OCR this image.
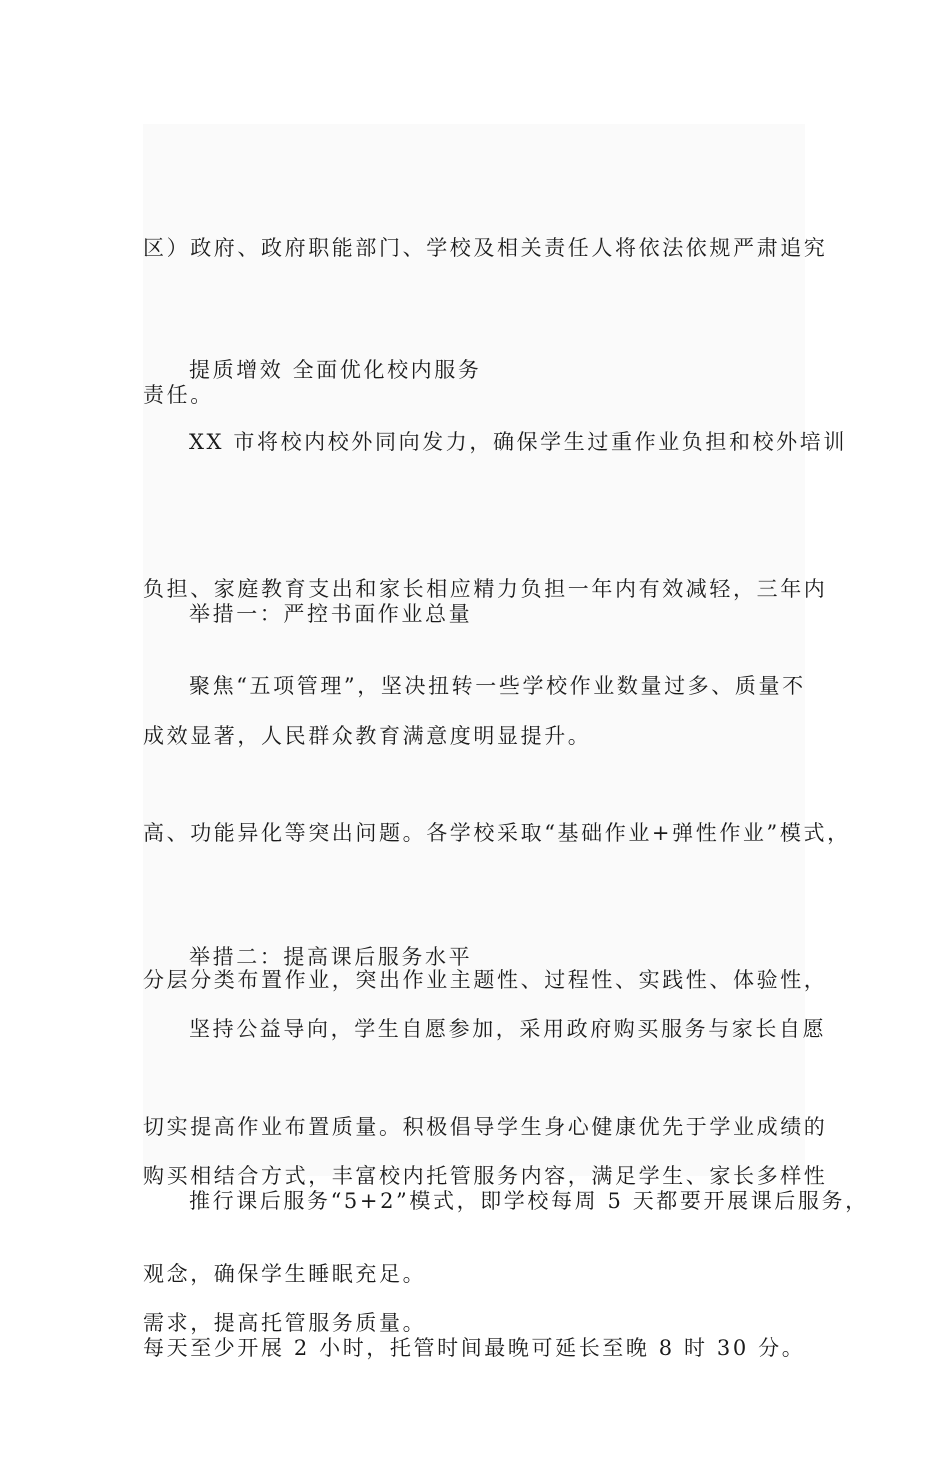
区）政府、政府职能部门、学校及相关责任人将依法依规严肃追究

责任。

提质增效 全面优化校内服务

XX 市将校内校外同向发力，确保学生过重作业负担和校外培训

负担、家庭教育支出和家长相应精力负担一年内有效减轻，三年内

成效显著，人民群众教育满意度明显提升。

举措一：严控书面作业总量

聚焦“五项管理”，坚决扭转一些学校作业数量过多、质量不

高、功能异化等突出问题。各学校采取“基础作业+弹性作业”模式，

分层分类布置作业，突出作业主题性、过程性、实践性、体验性，

切实提高作业布置质量。积极倡导学生身心健康优先于学业成绩的

观念，确保学生睡眠充足。

举措二：提高课后服务水平

坚持公益导向，学生自愿参加，采用政府购买服务与家长自愿

购买相结合方式，丰富校内托管服务内容，满足学生、家长多样性

需求，提高托管服务质量。

推行课后服务“5+2”模式，即学校每周 5 天都要开展课后服务，

每天至少开展 2 小时，托管时间最晚可延长至晚 8 时 30 分。
